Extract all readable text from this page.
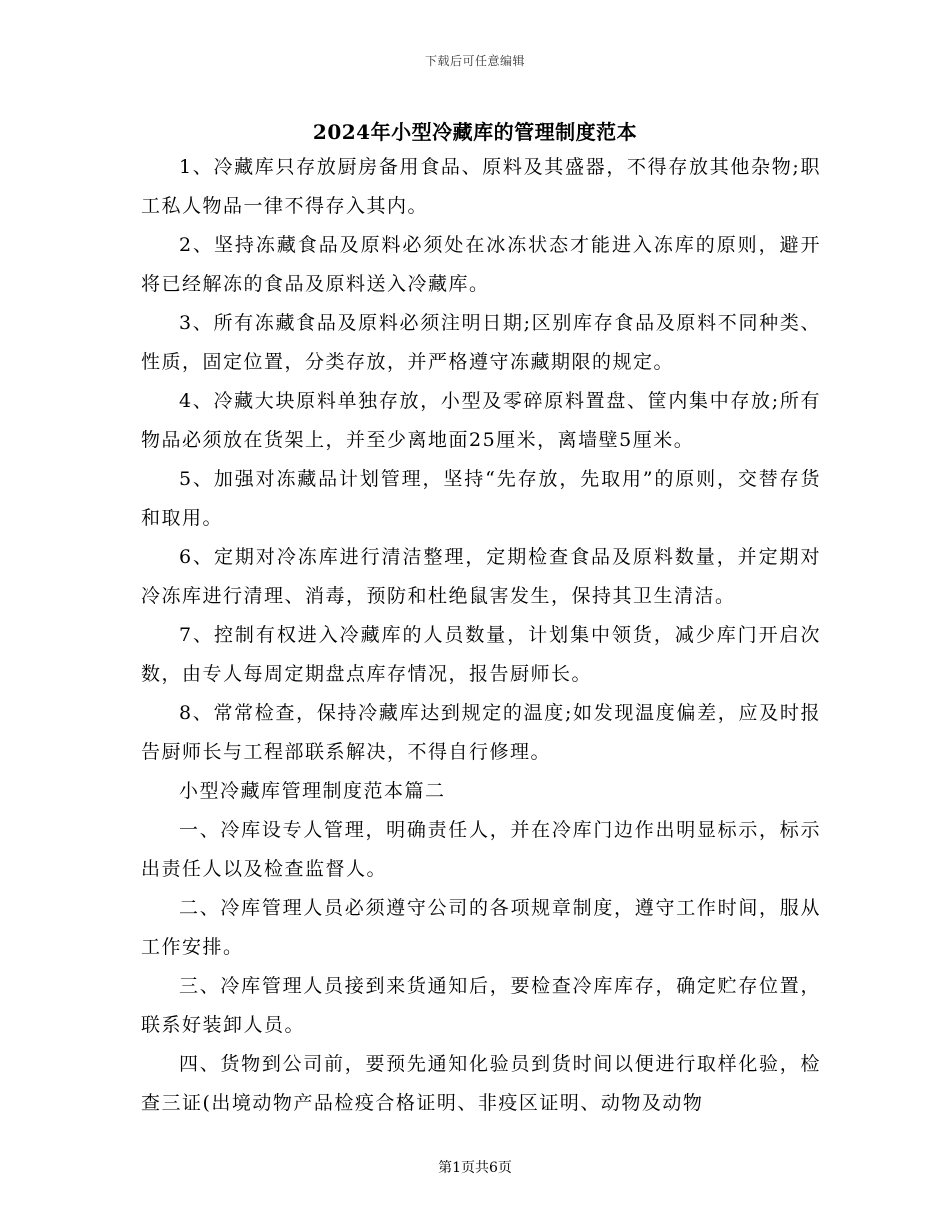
下载后可任意编辑
2024年小型冷藏库的管理制度范本

1、冷藏库只存放厨房备用食品、原料及其盛器，不得存放其他杂物;职工私人物品一律不得存入其内。

2、坚持冻藏食品及原料必须处在冰冻状态才能进入冻库的原则，避开将已经解冻的食品及原料送入冷藏库。

3、所有冻藏食品及原料必须注明日期;区别库存食品及原料不同种类、性质，固定位置，分类存放，并严格遵守冻藏期限的规定。

4、冷藏大块原料单独存放，小型及零碎原料置盘、筐内集中存放;所有物品必须放在货架上，并至少离地面25厘米，离墙壁5厘米。

5、加强对冻藏品计划管理，坚持“先存放，先取用”的原则，交替存货和取用。

6、定期对冷冻库进行清洁整理，定期检查食品及原料数量，并定期对冷冻库进行清理、消毒，预防和杜绝鼠害发生，保持其卫生清洁。

7、控制有权进入冷藏库的人员数量，计划集中领货，减少库门开启次数，由专人每周定期盘点库存情况，报告厨师长。

8、常常检查，保持冷藏库达到规定的温度;如发现温度偏差，应及时报告厨师长与工程部联系解决，不得自行修理。

小型冷藏库管理制度范本篇二

一、冷库设专人管理，明确责任人，并在冷库门边作出明显标示，标示出责任人以及检查监督人。

二、冷库管理人员必须遵守公司的各项规章制度，遵守工作时间，服从工作安排。

三、冷库管理人员接到来货通知后，要检查冷库库存，确定贮存位置，联系好装卸人员。

四、货物到公司前，要预先通知化验员到货时间以便进行取样化验，检查三证(出境动物产品检疫合格证明、非疫区证明、动物及动物

第1页共6页
